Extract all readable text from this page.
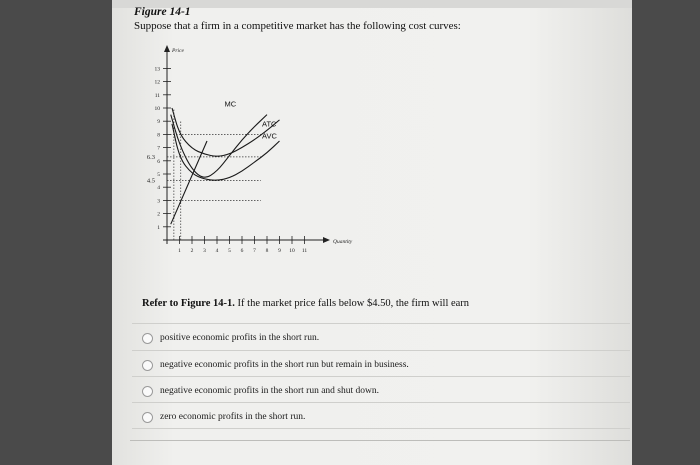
Figure 14-1
Suppose that a firm in a competitive market has the following cost curves:
Price
Quantity
1
2
3
4
5
6
7
8
9
10
11
12
13
6.3
4.5
1 2 3 4 5 6 7 8 9 10 11
MC
ATC
AVC
Refer to Figure 14-1. If the market price falls below $4.50, the firm will earn
positive economic profits in the short run.
negative economic profits in the short run but remain in business.
negative economic profits in the short run and shut down.
zero economic profits in the short run.
